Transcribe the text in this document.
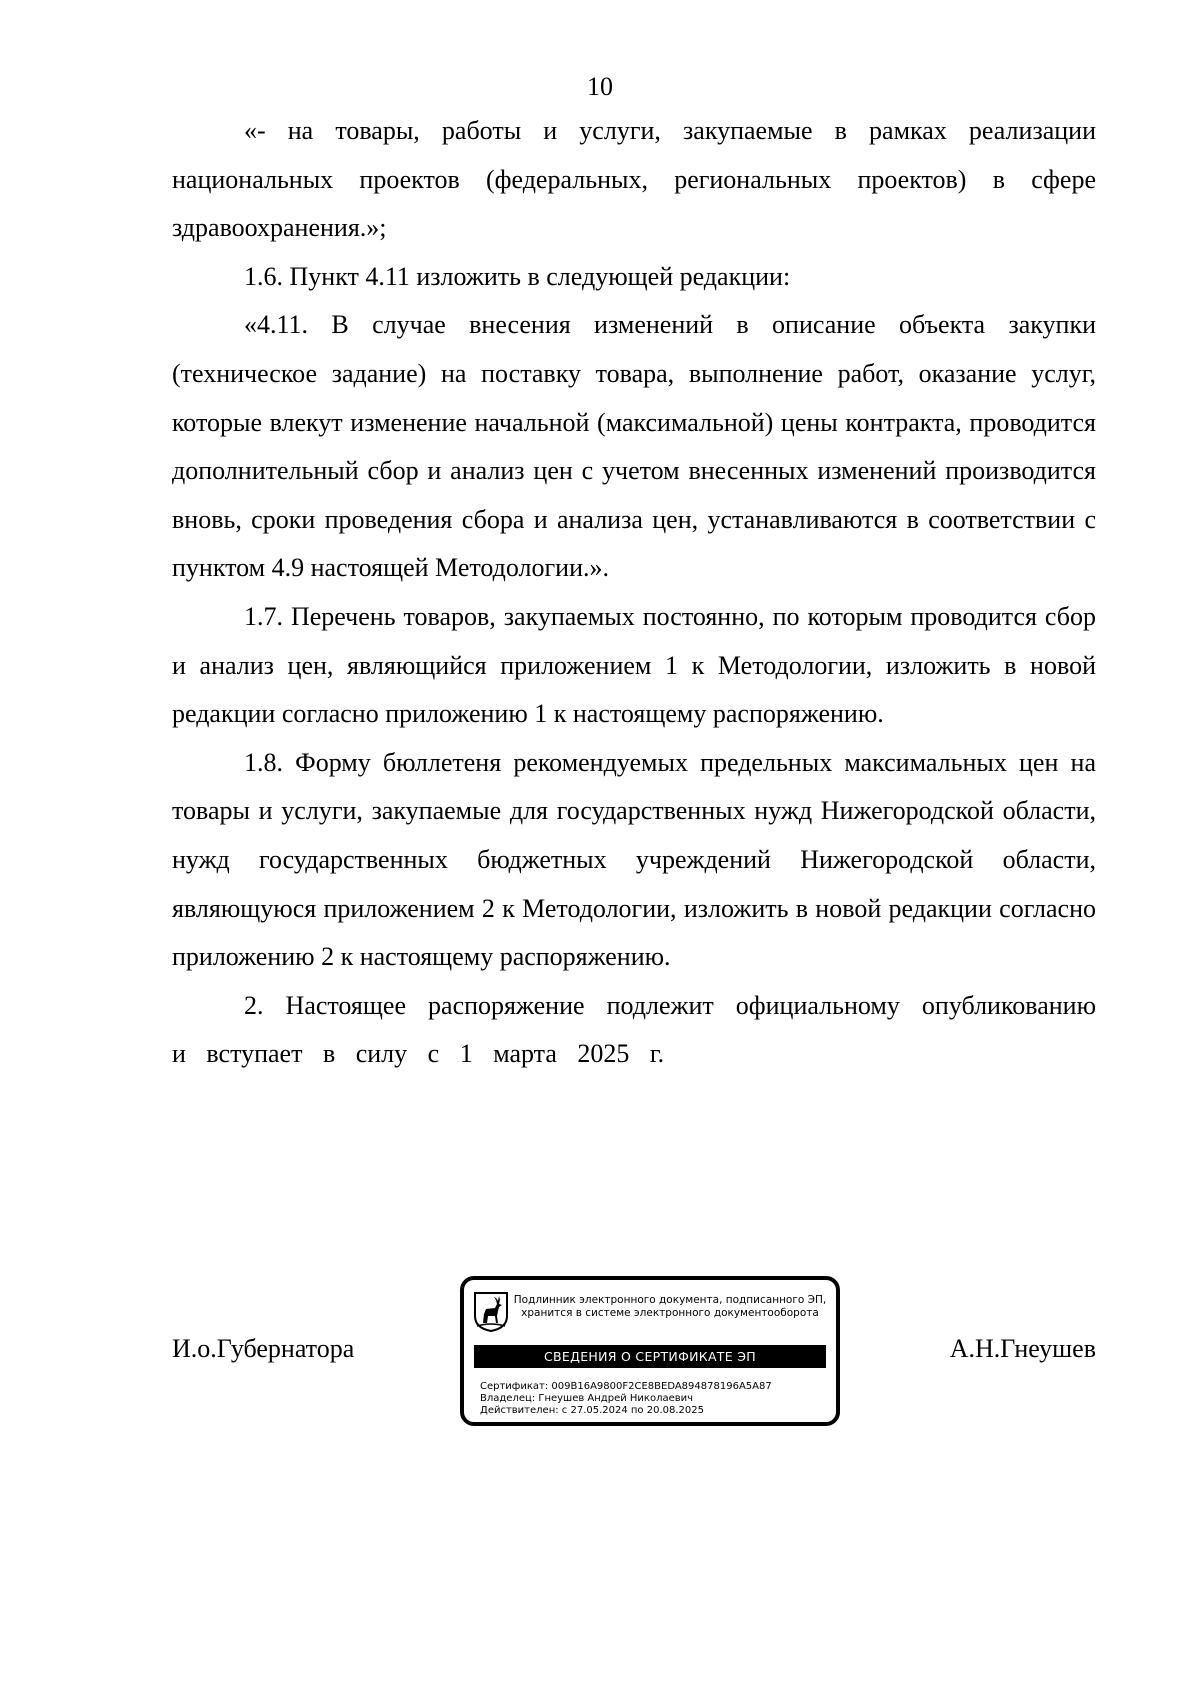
10

«- на товары, работы и услуги, закупаемые в рамках реализации национальных проектов (федеральных, региональных проектов) в сфере здравоохранения.»;

1.6. Пункт 4.11 изложить в следующей редакции:

«4.11. В случае внесения изменений в описание объекта закупки (техническое задание) на поставку товара, выполнение работ, оказание услуг, которые влекут изменение начальной (максимальной) цены контракта, проводится дополнительный сбор и анализ цен с учетом внесенных изменений производится вновь, сроки проведения сбора и анализа цен, устанавливаются в соответствии с пунктом 4.9 настоящей Методологии.».

1.7. Перечень товаров, закупаемых постоянно, по которым проводится сбор и анализ цен, являющийся приложением 1 к Методологии, изложить в новой редакции согласно приложению 1 к настоящему распоряжению.

1.8. Форму бюллетеня рекомендуемых предельных максимальных цен на товары и услуги, закупаемые для государственных нужд Нижегородской области, нужд государственных бюджетных учреждений Нижегородской области, являющуюся приложением 2 к Методологии, изложить в новой редакции согласно приложению 2 к настоящему распоряжению.

2. Настоящее распоряжение подлежит официальному опубликованию и вступает в силу с 1 марта 2025 г.

И.о.Губернатора
Подлинник электронного документа, подписанного ЭП,
хранится в системе электронного документооборота
СВЕДЕНИЯ О СЕРТИФИКАТЕ ЭП
Сертификат: 009B16A9800F2CE8BEDA894878196A5A87
Владелец: Гнеушев Андрей Николаевич
Действителен: с 27.05.2024 по 20.08.2025
А.Н.Гнеушев
